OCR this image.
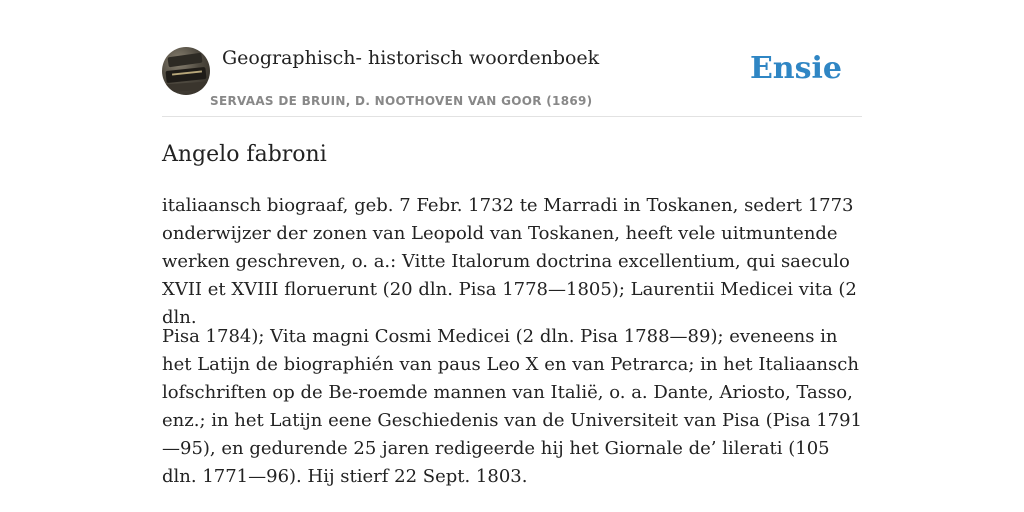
Geographisch- historisch woordenboek
SERVAAS DE BRUIN, D. NOOTHOVEN VAN GOOR (1869)
Ensie
Angelo fabroni

italiaansch biograaf, geb. 7 Febr. 1732 te Marradi in Toskanen, sedert 1773 onderwijzer der zonen van Leopold van Toskanen, heeft vele uitmuntende werken geschreven, o. a.: Vitte Italorum doctrina excellentium, qui saeculo XVII et XVIII floruerunt (20 dln. Pisa 1778—1805); Laurentii Medicei vita (2 dln.

Pisa 1784); Vita magni Cosmi Medicei (2 dln. Pisa 1788—89); eveneens in het Latijn de biographién van paus Leo X en van Petrarca; in het Italiaansch lofschriften op de Be-roemde mannen van Italië, o. a. Dante, Ariosto, Tasso, enz.; in het Latijn eene Geschiedenis van de Universiteit van Pisa (Pisa 1791—95), en gedurende 25 jaren redigeerde hij het Giornale de’ lilerati (105 dln. 1771—96). Hij stierf 22 Sept. 1803.
